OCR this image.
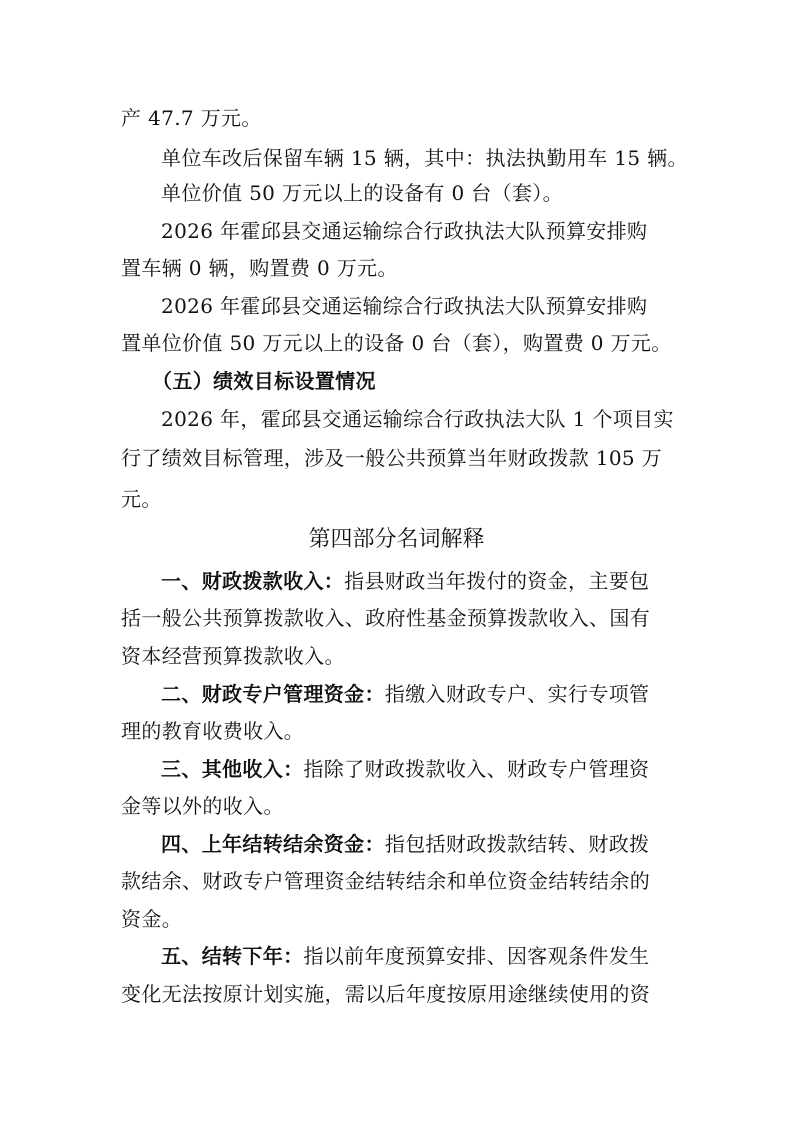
产 47.7 万元。
单位车改后保留车辆 15 辆，其中：执法执勤用车 15 辆。
单位价值 50 万元以上的设备有 0 台（套）。
2026 年霍邱县交通运输综合行政执法大队预算安排购
置车辆 0 辆，购置费 0 万元。
2026 年霍邱县交通运输综合行政执法大队预算安排购
置单位价值 50 万元以上的设备 0 台（套），购置费 0 万元。
（五）绩效目标设置情况
2026 年，霍邱县交通运输综合行政执法大队 1 个项目实
行了绩效目标管理，涉及一般公共预算当年财政拨款 105 万
元。
第四部分名词解释
一、财政拨款收入：指县财政当年拨付的资金，主要包
括一般公共预算拨款收入、政府性基金预算拨款收入、国有
资本经营预算拨款收入。
二、财政专户管理资金：指缴入财政专户、实行专项管
理的教育收费收入。
三、其他收入：指除了财政拨款收入、财政专户管理资
金等以外的收入。
四、上年结转结余资金：指包括财政拨款结转、财政拨
款结余、财政专户管理资金结转结余和单位资金结转结余的
资金。
五、结转下年：指以前年度预算安排、因客观条件发生
变化无法按原计划实施，需以后年度按原用途继续使用的资
